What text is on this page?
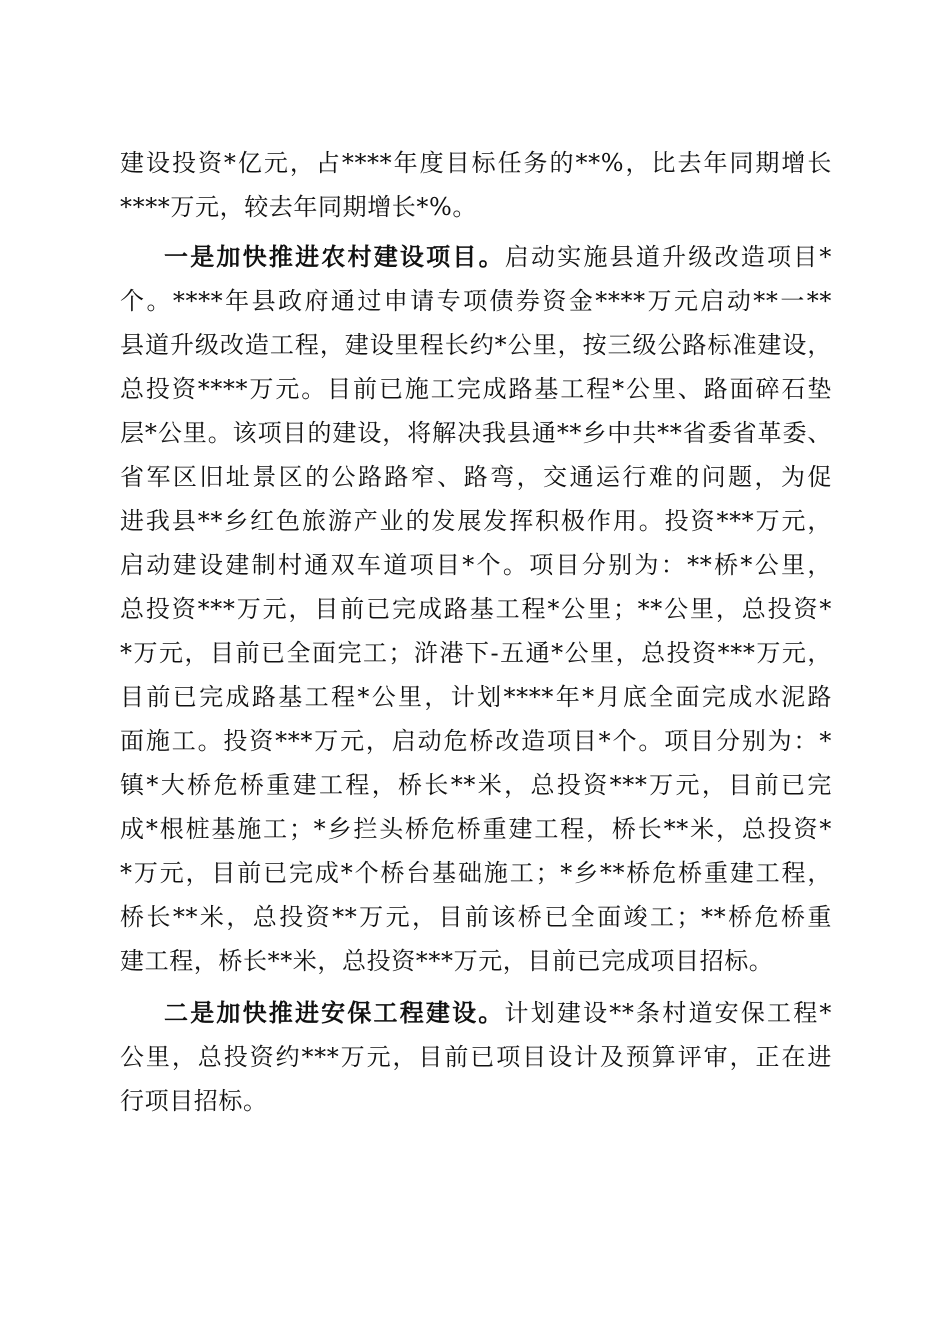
建设投资*亿元，占****年度目标任务的**%，比去年同期增长
****万元，较去年同期增长*%。
一是加快推进农村建设项目。启动实施县道升级改造项目*
个。****年县政府通过申请专项债券资金****万元启动**一**
县道升级改造工程，建设里程长约*公里，按三级公路标准建设，
总投资****万元。目前已施工完成路基工程*公里、路面碎石垫
层*公里。该项目的建设，将解决我县通**乡中共**省委省革委、
省军区旧址景区的公路路窄、路弯，交通运行难的问题，为促
进我县**乡红色旅游产业的发展发挥积极作用。投资***万元，
启动建设建制村通双车道项目*个。项目分别为：**桥*公里，
总投资***万元，目前已完成路基工程*公里；**公里，总投资*
*万元，目前已全面完工；浒港下-五通*公里，总投资***万元，
目前已完成路基工程*公里，计划****年*月底全面完成水泥路
面施工。投资***万元，启动危桥改造项目*个。项目分别为：*
镇*大桥危桥重建工程，桥长**米，总投资***万元，目前已完
成*根桩基施工；*乡拦头桥危桥重建工程，桥长**米，总投资*
*万元，目前已完成*个桥台基础施工；*乡**桥危桥重建工程，
桥长**米，总投资**万元，目前该桥已全面竣工；**桥危桥重
建工程，桥长**米，总投资***万元，目前已完成项目招标。
二是加快推进安保工程建设。计划建设**条村道安保工程*
公里，总投资约***万元，目前已项目设计及预算评审，正在进
行项目招标。
